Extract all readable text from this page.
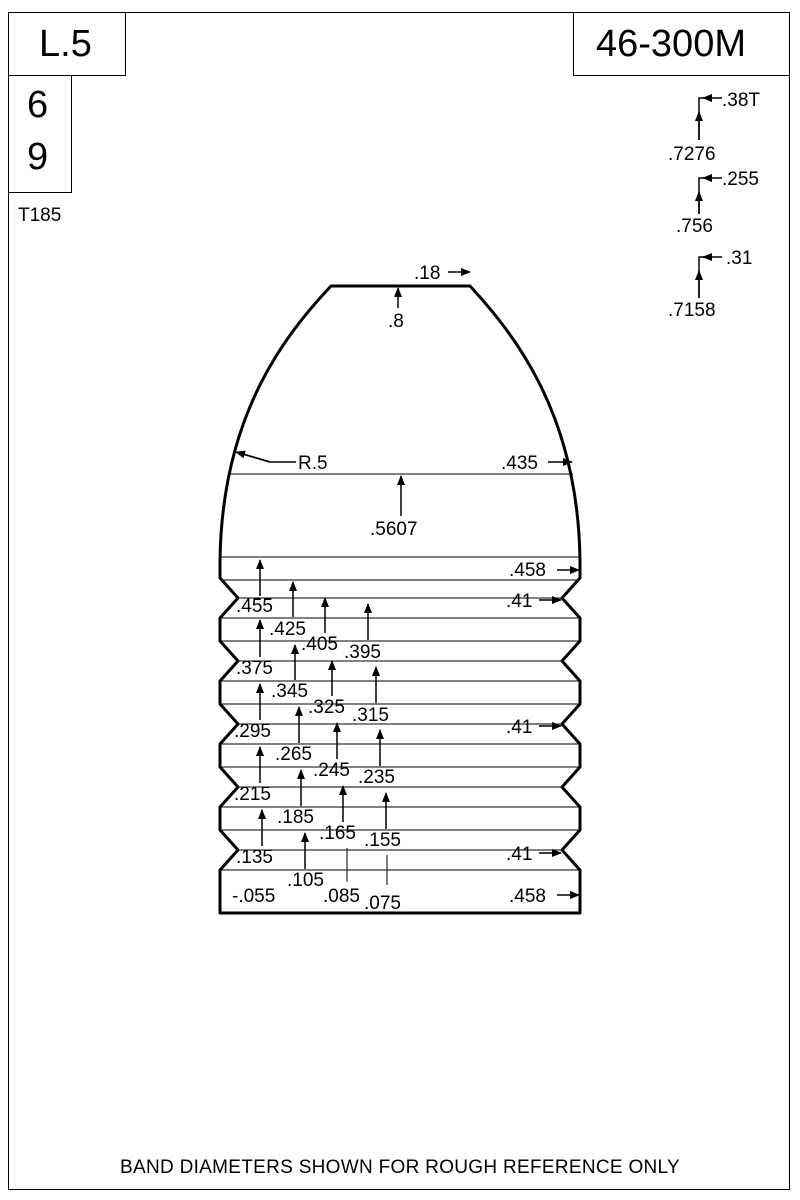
L.5	46-300M
6
9
T185
.38T
.7276
.255
.756
.31
.7158
.18
.8
R.5	.435
.5607
.458
.41
.41
.41
.458
.455
.375
.295
.215
.135
-.055
.425
.345
.265
.185
.105
.405
.325
.245
.165
.085
.395
.315
.235
.155
.075
BAND DIAMETERS SHOWN FOR ROUGH REFERENCE ONLY
